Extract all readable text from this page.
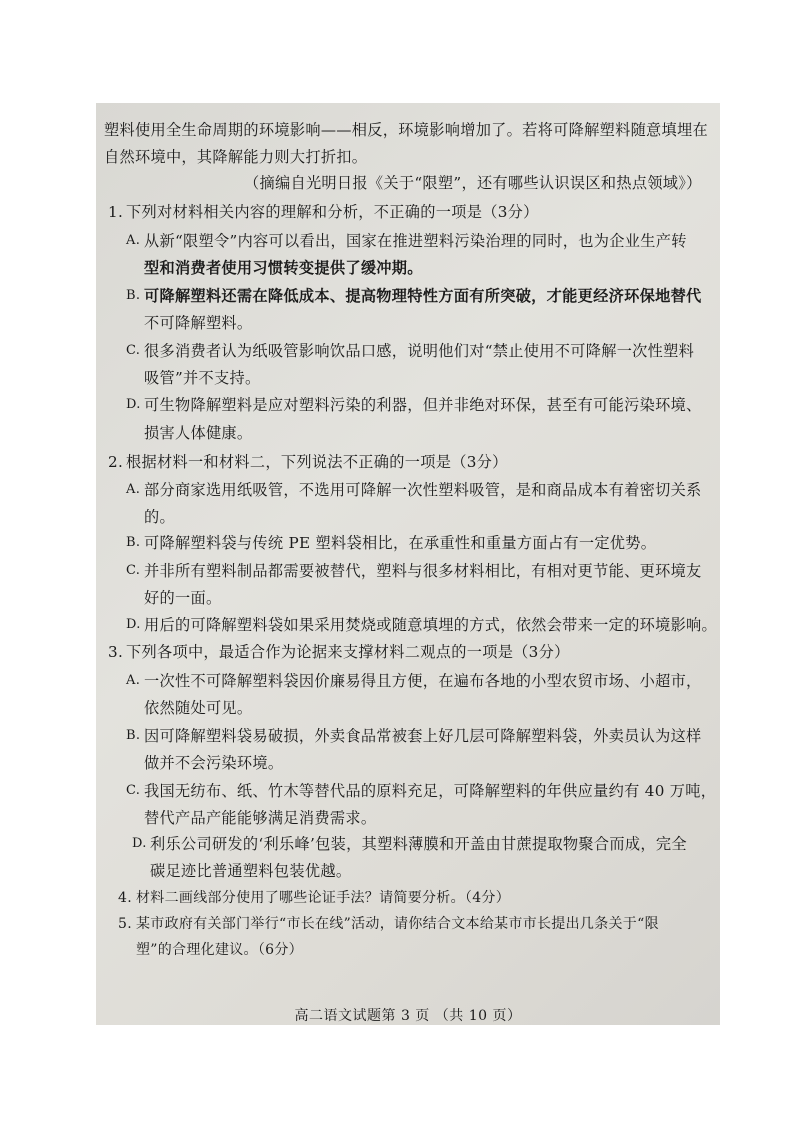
塑料使用全生命周期的环境影响——相反，环境影响增加了。若将可降解塑料随意填埋在
自然环境中，其降解能力则大打折扣。
（摘编自光明日报《关于“限塑”，还有哪些认识误区和热点领域》）
1. 下列对材料相关内容的理解和分析，不正确的一项是（3分）
A. 从新“限塑令”内容可以看出，国家在推进塑料污染治理的同时，也为企业生产转
型和消费者使用习惯转变提供了缓冲期。
B. 可降解塑料还需在降低成本、提高物理特性方面有所突破，才能更经济环保地替代
不可降解塑料。
C. 很多消费者认为纸吸管影响饮品口感，说明他们对“禁止使用不可降解一次性塑料
吸管”并不支持。
D. 可生物降解塑料是应对塑料污染的利器，但并非绝对环保，甚至有可能污染环境、
损害人体健康。
2. 根据材料一和材料二，下列说法不正确的一项是（3分）
A. 部分商家选用纸吸管，不选用可降解一次性塑料吸管，是和商品成本有着密切关系
的。
B. 可降解塑料袋与传统 PE 塑料袋相比，在承重性和重量方面占有一定优势。
C. 并非所有塑料制品都需要被替代，塑料与很多材料相比，有相对更节能、更环境友
好的一面。
D. 用后的可降解塑料袋如果采用焚烧或随意填埋的方式，依然会带来一定的环境影响。
3. 下列各项中，最适合作为论据来支撑材料二观点的一项是（3分）
A. 一次性不可降解塑料袋因价廉易得且方便，在遍布各地的小型农贸市场、小超市，
依然随处可见。
B. 因可降解塑料袋易破损，外卖食品常被套上好几层可降解塑料袋，外卖员认为这样
做并不会污染环境。
C. 我国无纺布、纸、竹木等替代品的原料充足，可降解塑料的年供应量约有 40 万吨，
替代产品产能能够满足消费需求。
D. 利乐公司研发的‘利乐峰’包装，其塑料薄膜和开盖由甘蔗提取物聚合而成，完全
碳足迹比普通塑料包装优越。
4. 材料二画线部分使用了哪些论证手法？请简要分析。（4分）
5. 某市政府有关部门举行“市长在线”活动，请你结合文本给某市市长提出几条关于“限
塑”的合理化建议。（6分）
高二语文试题第 3 页 （共 10 页）
